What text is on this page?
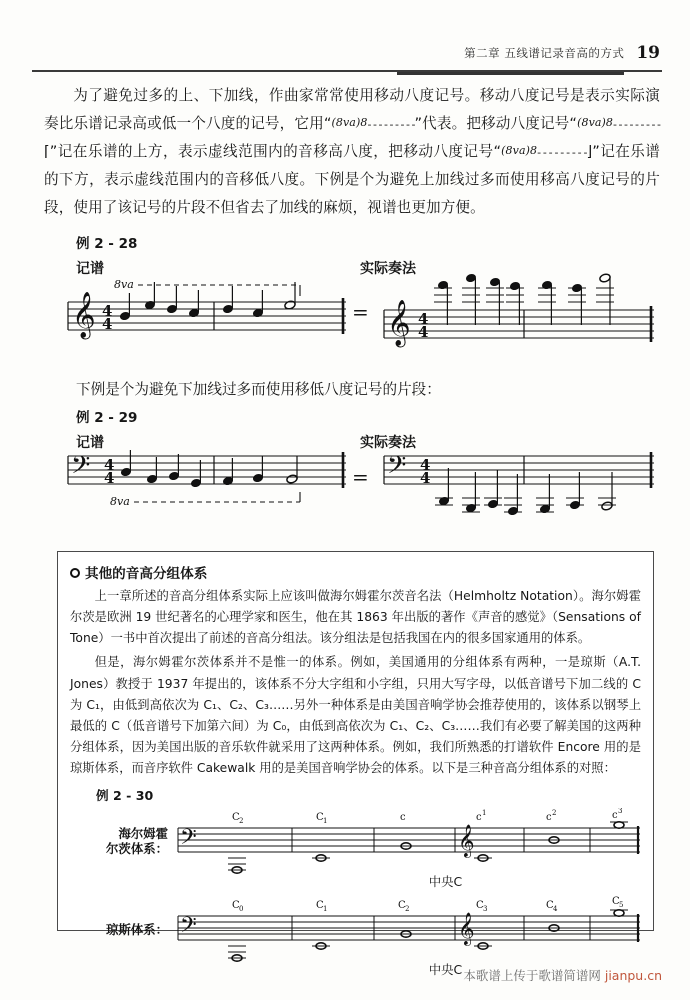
第二章 五线谱记录音高的方式 19
为了避免过多的上、下加线，作曲家常常使用移动八度记号。移动八度记号是表示实际演奏比乐谱记录高或低一个八度的记号，它用“(8va)8- - - - - - - - -”代表。把移动八度记号“(8va)8- - - - - - - - -⌈”记在乐谱的上方，表示虚线范围内的音移高八度，把移动八度记号“(8va)8- - - - - - - - -⌋”记在乐谱的下方，表示虚线范围内的音移低八度。下例是个为避免上加线过多而使用移高八度记号的片段，使用了该记号的片段不但省去了加线的麻烦，视谱也更加方便。
例 2 - 28
记谱	实际奏法
8va
𝄞 4
4	= 𝄞 4
4
下例是个为避免下加线过多而使用移低八度记号的片段：
例 2 - 29
记谱	实际奏法
𝄢 4
4
8va
= 𝄢 4
4
其他的音高分组体系

上一章所述的音高分组体系实际上应该叫做海尔姆霍尔茨音名法（Helmholtz Notation）。海尔姆霍尔茨是欧洲 19 世纪著名的心理学家和医生，他在其 1863 年出版的著作《声音的感觉》（Sensations of Tone）一书中首次提出了前述的音高分组法。该分组法是包括我国在内的很多国家通用的体系。

但是，海尔姆霍尔茨体系并不是惟一的体系。例如，美国通用的分组体系有两种，一是琼斯（A.T. Jones）教授于 1937 年提出的，该体系不分大字组和小字组，只用大写字母，以低音谱号下加二线的 C 为 C₁，由低到高依次为 C₁、C₂、C₃……另外一种体系是由美国音响学协会推荐使用的，该体系以钢琴上最低的 C（低音谱号下加第六间）为 C₀，由低到高依次为 C₁、C₂、C₃……我们有必要了解美国的这两种分组体系，因为美国出版的音乐软件就采用了这两种体系。例如，我们所熟悉的打谱软件 Encore 用的是琼斯体系，而音序软件 Cakewalk 用的是美国音响学协会的体系。以下是三种音高分组体系的对照：

例 2 - 30
海尔姆霍
尔茨体系：
C 2	C 1	c	c 1	c 2	c 3
𝄢	𝄞
中央C
琼斯体系：
C 0	C 1	C 2	C 3	C 4
C 5
𝄢	𝄞
中央C 本歌谱上传于歌谱简谱网 jianpu.cn
